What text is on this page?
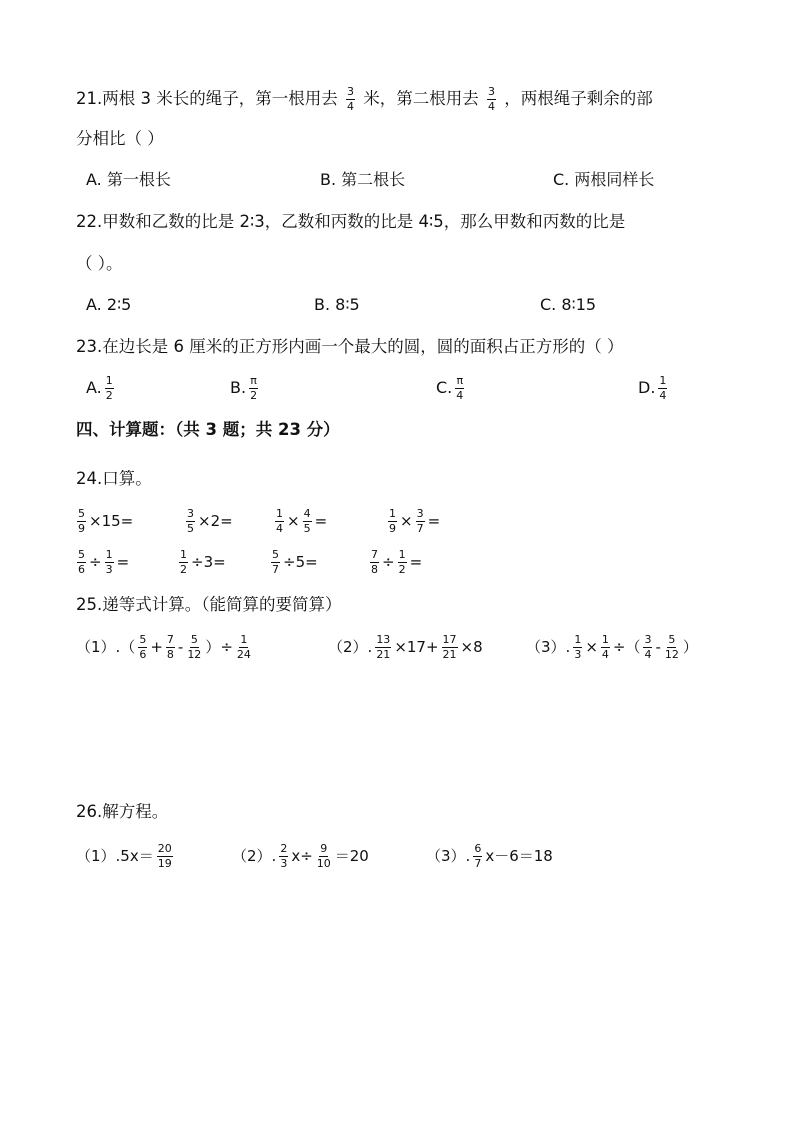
21.两根 3 米长的绳子，第一根用去 $\frac{3}{4}$ 米，第二根用去 $\frac{3}{4}$ ，两根绳子剩余的部
分相比（ ）
A. 第一根长	B. 第二根长	C. 两根同样长
22.甲数和乙数的比是 2∶3，乙数和丙数的比是 4∶5，那么甲数和丙数的比是
（ ）。
A. 2∶5	B. 8∶5	C. 8∶15
23.在边长是 6 厘米的正方形内画一个最大的圆，圆的面积占正方形的（ ）
A. $\frac{1}{2}$	B. $\frac{\pi}{2}$	C. $\frac{\pi}{4}$	D. $\frac{1}{4}$
四、计算题：（共 3 题；共 23 分）
24.口算。
$\frac{5}{9} \times 15=$	$\frac{3}{5} \times 2=$	$\frac{1}{4} \times \frac{4}{5}$ =	$\frac{1}{9} \times \frac{3}{7}$ =
$\frac{5}{6} \div \frac{1}{3}$ =	$\frac{1}{2} \div 3=$	$\frac{5}{7} \div 5=$	$\frac{7}{8} \div \frac{1}{2}$ =
25.递等式计算。（能简算的要简算）
$(1).( \frac{5}{6} + \frac{7}{8} - \frac{5}{12}$ ）÷ $\frac{1}{24}$	（2）. $\frac{13}{21} \times 17+ \frac{17}{21} \times 8$	（3）. $\frac{1}{3} \times \frac{1}{4}$ ÷（ $\frac{3}{4} - \frac{5}{12}$ ）
26.解方程。
$(1).5x= \frac{20}{19}$	（2）. $\frac{2}{3} x\div \frac{9}{10} =20$	（3）. $\frac{6}{7} x-6=18$
